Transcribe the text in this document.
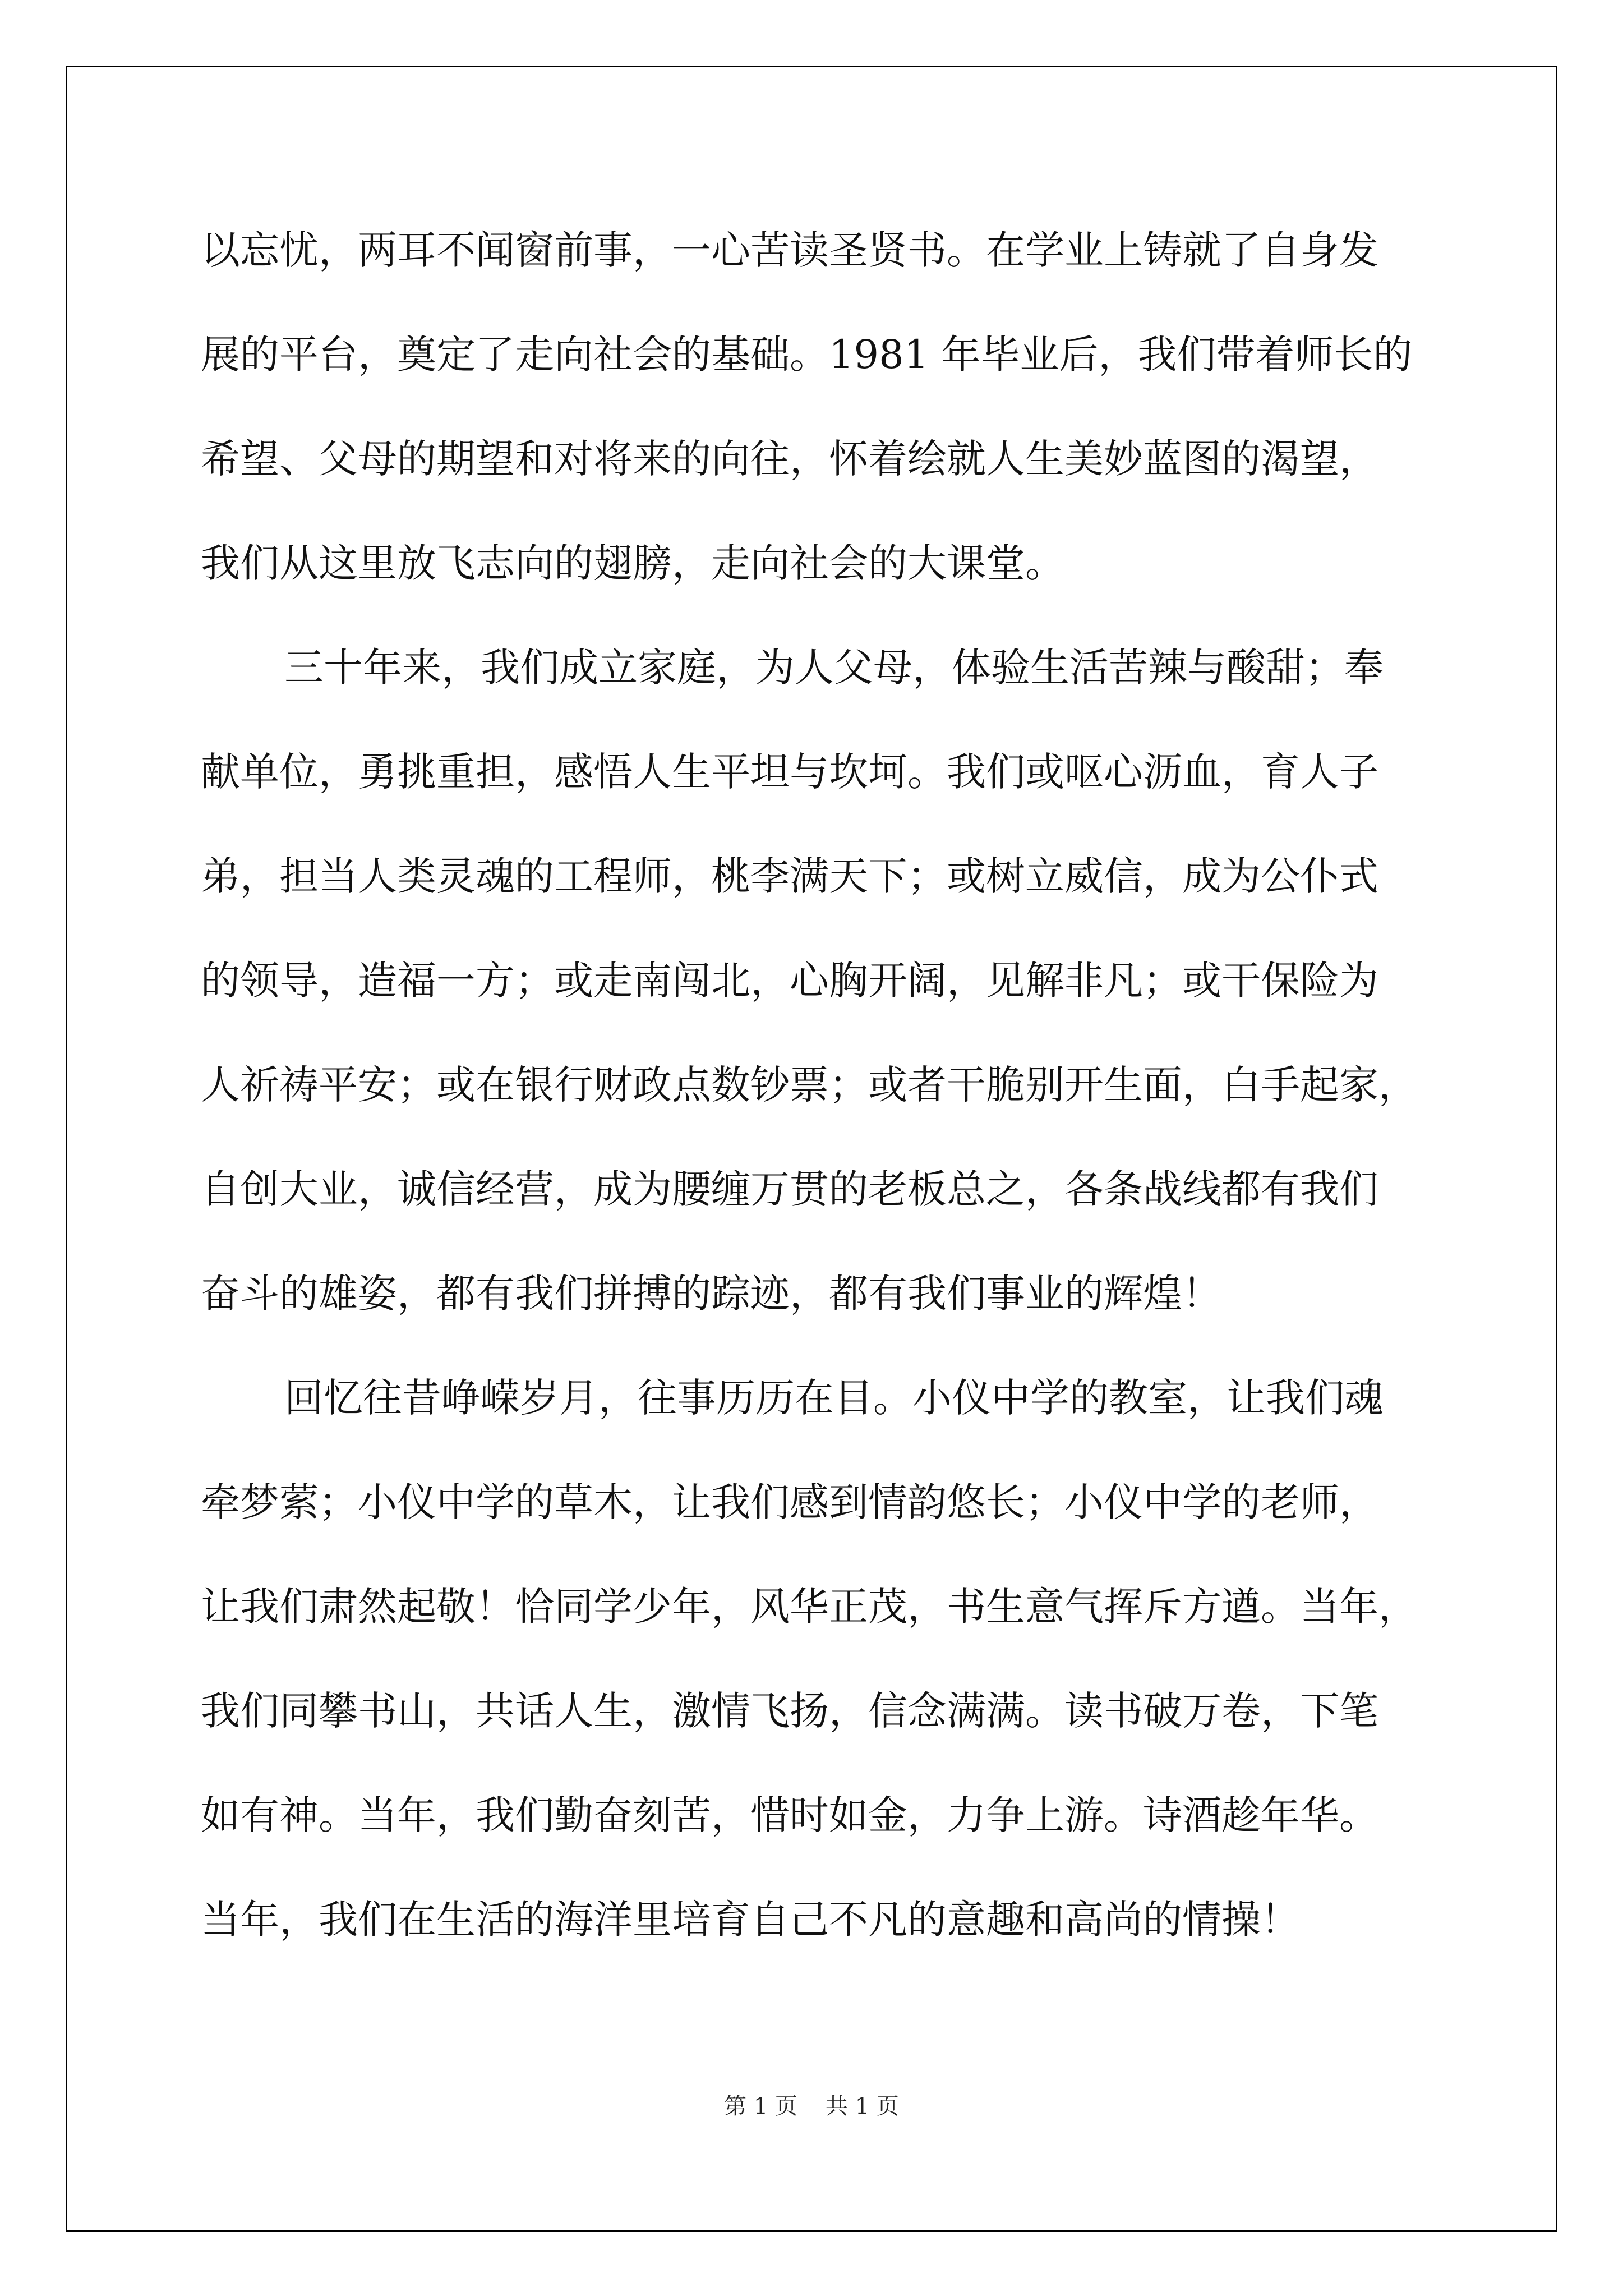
以忘忧，两耳不闻窗前事，一心苦读圣贤书。在学业上铸就了自身发

展的平台，奠定了走向社会的基础。1981 年毕业后，我们带着师长的

希望、父母的期望和对将来的向往，怀着绘就人生美妙蓝图的渴望，

我们从这里放飞志向的翅膀，走向社会的大课堂。

三十年来，我们成立家庭，为人父母，体验生活苦辣与酸甜；奉

献单位，勇挑重担，感悟人生平坦与坎坷。我们或呕心沥血，育人子

弟，担当人类灵魂的工程师，桃李满天下；或树立威信，成为公仆式

的领导，造福一方；或走南闯北，心胸开阔，见解非凡；或干保险为

人祈祷平安；或在银行财政点数钞票；或者干脆别开生面，白手起家，

自创大业，诚信经营，成为腰缠万贯的老板总之，各条战线都有我们

奋斗的雄姿，都有我们拼搏的踪迹，都有我们事业的辉煌！

回忆往昔峥嵘岁月，往事历历在目。小仪中学的教室，让我们魂

牵梦萦；小仪中学的草木，让我们感到情韵悠长；小仪中学的老师，

让我们肃然起敬！恰同学少年，风华正茂，书生意气挥斥方遒。当年，

我们同攀书山，共话人生，激情飞扬，信念满满。读书破万卷，下笔

如有神。当年，我们勤奋刻苦，惜时如金，力争上游。诗酒趁年华。

当年，我们在生活的海洋里培育自己不凡的意趣和高尚的情操！

第 1 页 共 1 页
